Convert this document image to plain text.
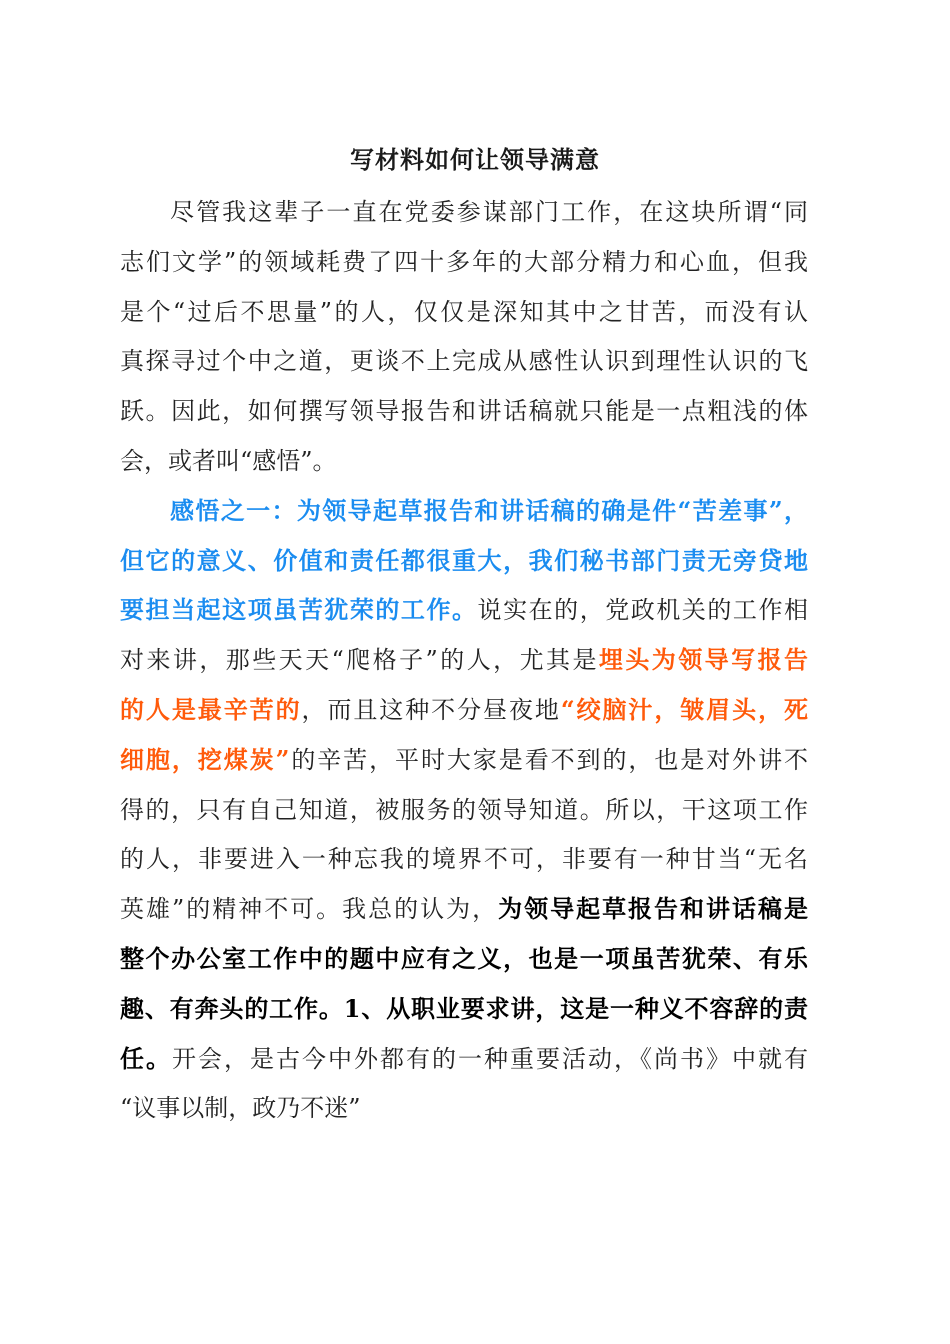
写材料如何让领导满意
尽管我这辈子一直在党委参谋部门工作，在这块所谓“同
志们文学”的领域耗费了四十多年的大部分精力和心血，但我
是个“过后不思量”的人，仅仅是深知其中之甘苦，而没有认
真探寻过个中之道，更谈不上完成从感性认识到理性认识的飞
跃。因此，如何撰写领导报告和讲话稿就只能是一点粗浅的体
会，或者叫“感悟”。
感悟之一：为领导起草报告和讲话稿的确是件“苦差事”，
但它的意义、价值和责任都很重大，我们秘书部门责无旁贷地
要担当起这项虽苦犹荣的工作。说实在的，党政机关的工作相
对来讲，那些天天“爬格子”的人，尤其是埋头为领导写报告
的人是最辛苦的，而且这种不分昼夜地“绞脑汁，皱眉头，死
细胞，挖煤炭”的辛苦，平时大家是看不到的，也是对外讲不
得的，只有自己知道，被服务的领导知道。所以，干这项工作
的人，非要进入一种忘我的境界不可，非要有一种甘当“无名
英雄”的精神不可。我总的认为，为领导起草报告和讲话稿是
整个办公室工作中的题中应有之义，也是一项虽苦犹荣、有乐
趣、有奔头的工作。1、从职业要求讲，这是一种义不容辞的责
任。开会，是古今中外都有的一种重要活动，《尚书》中就有
“议事以制，政乃不迷”
